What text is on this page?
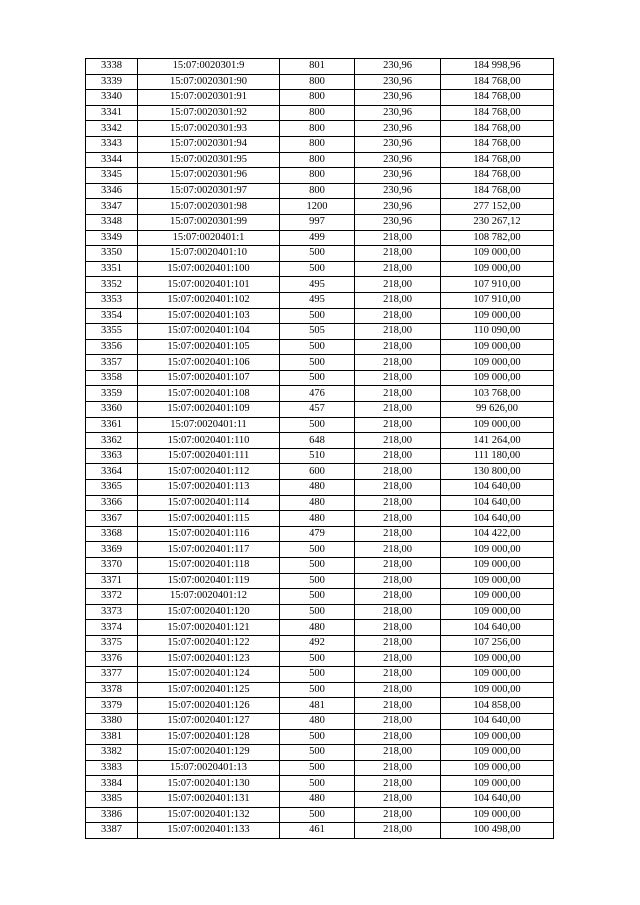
3338	15:07:0020301:9	801	230,96	184 998,96
3339	15:07:0020301:90	800	230,96	184 768,00
3340	15:07:0020301:91	800	230,96	184 768,00
3341	15:07:0020301:92	800	230,96	184 768,00
3342	15:07:0020301:93	800	230,96	184 768,00
3343	15:07:0020301:94	800	230,96	184 768,00
3344	15:07:0020301:95	800	230,96	184 768,00
3345	15:07:0020301:96	800	230,96	184 768,00
3346	15:07:0020301:97	800	230,96	184 768,00
3347	15:07:0020301:98	1200	230,96	277 152,00
3348	15:07:0020301:99	997	230,96	230 267,12
3349	15:07:0020401:1	499	218,00	108 782,00
3350	15:07:0020401:10	500	218,00	109 000,00
3351	15:07:0020401:100	500	218,00	109 000,00
3352	15:07:0020401:101	495	218,00	107 910,00
3353	15:07:0020401:102	495	218,00	107 910,00
3354	15:07:0020401:103	500	218,00	109 000,00
3355	15:07:0020401:104	505	218,00	110 090,00
3356	15:07:0020401:105	500	218,00	109 000,00
3357	15:07:0020401:106	500	218,00	109 000,00
3358	15:07:0020401:107	500	218,00	109 000,00
3359	15:07:0020401:108	476	218,00	103 768,00
3360	15:07:0020401:109	457	218,00	99 626,00
3361	15:07:0020401:11	500	218,00	109 000,00
3362	15:07:0020401:110	648	218,00	141 264,00
3363	15:07:0020401:111	510	218,00	111 180,00
3364	15:07:0020401:112	600	218,00	130 800,00
3365	15:07:0020401:113	480	218,00	104 640,00
3366	15:07:0020401:114	480	218,00	104 640,00
3367	15:07:0020401:115	480	218,00	104 640,00
3368	15:07:0020401:116	479	218,00	104 422,00
3369	15:07:0020401:117	500	218,00	109 000,00
3370	15:07:0020401:118	500	218,00	109 000,00
3371	15:07:0020401:119	500	218,00	109 000,00
3372	15:07:0020401:12	500	218,00	109 000,00
3373	15:07:0020401:120	500	218,00	109 000,00
3374	15:07:0020401:121	480	218,00	104 640,00
3375	15:07:0020401:122	492	218,00	107 256,00
3376	15:07:0020401:123	500	218,00	109 000,00
3377	15:07:0020401:124	500	218,00	109 000,00
3378	15:07:0020401:125	500	218,00	109 000,00
3379	15:07:0020401:126	481	218,00	104 858,00
3380	15:07:0020401:127	480	218,00	104 640,00
3381	15:07:0020401:128	500	218,00	109 000,00
3382	15:07:0020401:129	500	218,00	109 000,00
3383	15:07:0020401:13	500	218,00	109 000,00
3384	15:07:0020401:130	500	218,00	109 000,00
3385	15:07:0020401:131	480	218,00	104 640,00
3386	15:07:0020401:132	500	218,00	109 000,00
3387	15:07:0020401:133	461	218,00	100 498,00
